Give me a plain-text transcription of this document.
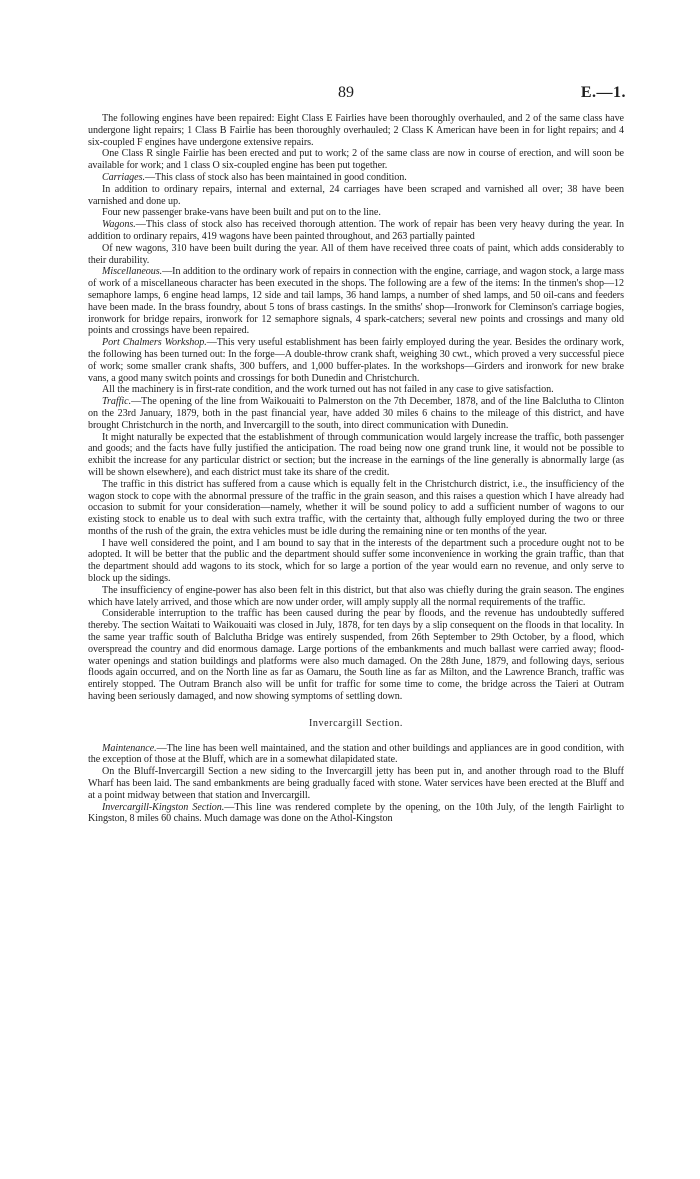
89	E.—1.

The following engines have been repaired: Eight Class E Fairlies have been thoroughly overhauled, and 2 of the same class have undergone light repairs; 1 Class B Fairlie has been thoroughly overhauled; 2 Class K American have been in for light repairs; and 4 six-coupled F engines have undergone extensive repairs.

One Class R single Fairlie has been erected and put to work; 2 of the same class are now in course of erection, and will soon be available for work; and 1 class O six-coupled engine has been put together.

Carriages.—This class of stock also has been maintained in good condition.

In addition to ordinary repairs, internal and external, 24 carriages have been scraped and varnished all over; 38 have been varnished and done up.

Four new passenger brake-vans have been built and put on to the line.

Wagons.—This class of stock also has received thorough attention. The work of repair has been very heavy during the year. In addition to ordinary repairs, 419 wagons have been painted throughout, and 263 partially painted

Of new wagons, 310 have been built during the year. All of them have received three coats of paint, which adds considerably to their durability.

Miscellaneous.—In addition to the ordinary work of repairs in connection with the engine, carriage, and wagon stock, a large mass of work of a miscellaneous character has been executed in the shops. The following are a few of the items: In the tinmen's shop—12 semaphore lamps, 6 engine head lamps, 12 side and tail lamps, 36 hand lamps, a number of shed lamps, and 50 oil-cans and feeders have been made. In the brass foundry, about 5 tons of brass castings. In the smiths' shop—Ironwork for Cleminson's carriage bogies, ironwork for bridge repairs, ironwork for 12 semaphore signals, 4 spark-catchers; several new points and crossings and many old points and crossings have been repaired.

Port Chalmers Workshop.—This very useful establishment has been fairly employed during the year. Besides the ordinary work, the following has been turned out: In the forge—A double-throw crank shaft, weighing 30 cwt., which proved a very successful piece of work; some smaller crank shafts, 300 buffers, and 1,000 buffer-plates. In the workshops—Girders and ironwork for new brake vans, a good many switch points and crossings for both Dunedin and Christchurch.

All the machinery is in first-rate condition, and the work turned out has not failed in any case to give satisfaction.

Traffic.—The opening of the line from Waikouaiti to Palmerston on the 7th December, 1878, and of the line Balclutha to Clinton on the 23rd January, 1879, both in the past financial year, have added 30 miles 6 chains to the mileage of this district, and have brought Christchurch in the north, and Invercargill to the south, into direct communication with Dunedin.

It might naturally be expected that the establishment of through communication would largely increase the traffic, both passenger and goods; and the facts have fully justified the anticipation. The road being now one grand trunk line, it would not be possible to exhibit the increase for any particular district or section; but the increase in the earnings of the line generally is abnormally large (as will be shown elsewhere), and each district must take its share of the credit.

The traffic in this district has suffered from a cause which is equally felt in the Christchurch district, i.e., the insufficiency of the wagon stock to cope with the abnormal pressure of the traffic in the grain season, and this raises a question which I have already had occasion to submit for your consideration—namely, whether it will be sound policy to add a sufficient number of wagons to our existing stock to enable us to deal with such extra traffic, with the certainty that, although fully employed during the two or three months of the rush of the grain, the extra vehicles must be idle during the remaining nine or ten months of the year.

I have well considered the point, and I am bound to say that in the interests of the department such a procedure ought not to be adopted. It will be better that the public and the department should suffer some inconvenience in working the grain traffic, than that the department should add wagons to its stock, which for so large a portion of the year would earn no revenue, and only serve to block up the sidings.

The insufficiency of engine-power has also been felt in this district, but that also was chiefly during the grain season. The engines which have lately arrived, and those which are now under order, will amply supply all the normal requirements of the traffic.

Considerable interruption to the traffic has been caused during the pear by floods, and the revenue has undoubtedly suffered thereby. The section Waitati to Waikouaiti was closed in July, 1878, for ten days by a slip consequent on the floods in that locality. In the same year traffic south of Balclutha Bridge was entirely suspended, from 26th September to 29th October, by a flood, which overspread the country and did enormous damage. Large portions of the embankments and much ballast were carried away; flood-water openings and station buildings and platforms were also much damaged. On the 28th June, 1879, and following days, serious floods again occurred, and on the North line as far as Oamaru, the South line as far as Milton, and the Lawrence Branch, traffic was entirely stopped. The Outram Branch also will be unfit for traffic for some time to come, the bridge across the Taieri at Outram having been seriously damaged, and now showing symptoms of settling down.

Invercargill Section.

Maintenance.—The line has been well maintained, and the station and other buildings and appliances are in good condition, with the exception of those at the Bluff, which are in a somewhat dilapidated state.

On the Bluff-Invercargill Section a new siding to the Invercargill jetty has been put in, and another through road to the Bluff Wharf has been laid. The sand embankments are being gradually faced with stone. Water services have been erected at the Bluff and at a point midway between that station and Invercargill.

Invercargill-Kingston Section.—This line was rendered complete by the opening, on the 10th July, of the length Fairlight to Kingston, 8 miles 60 chains. Much damage was done on the Athol-Kingston
